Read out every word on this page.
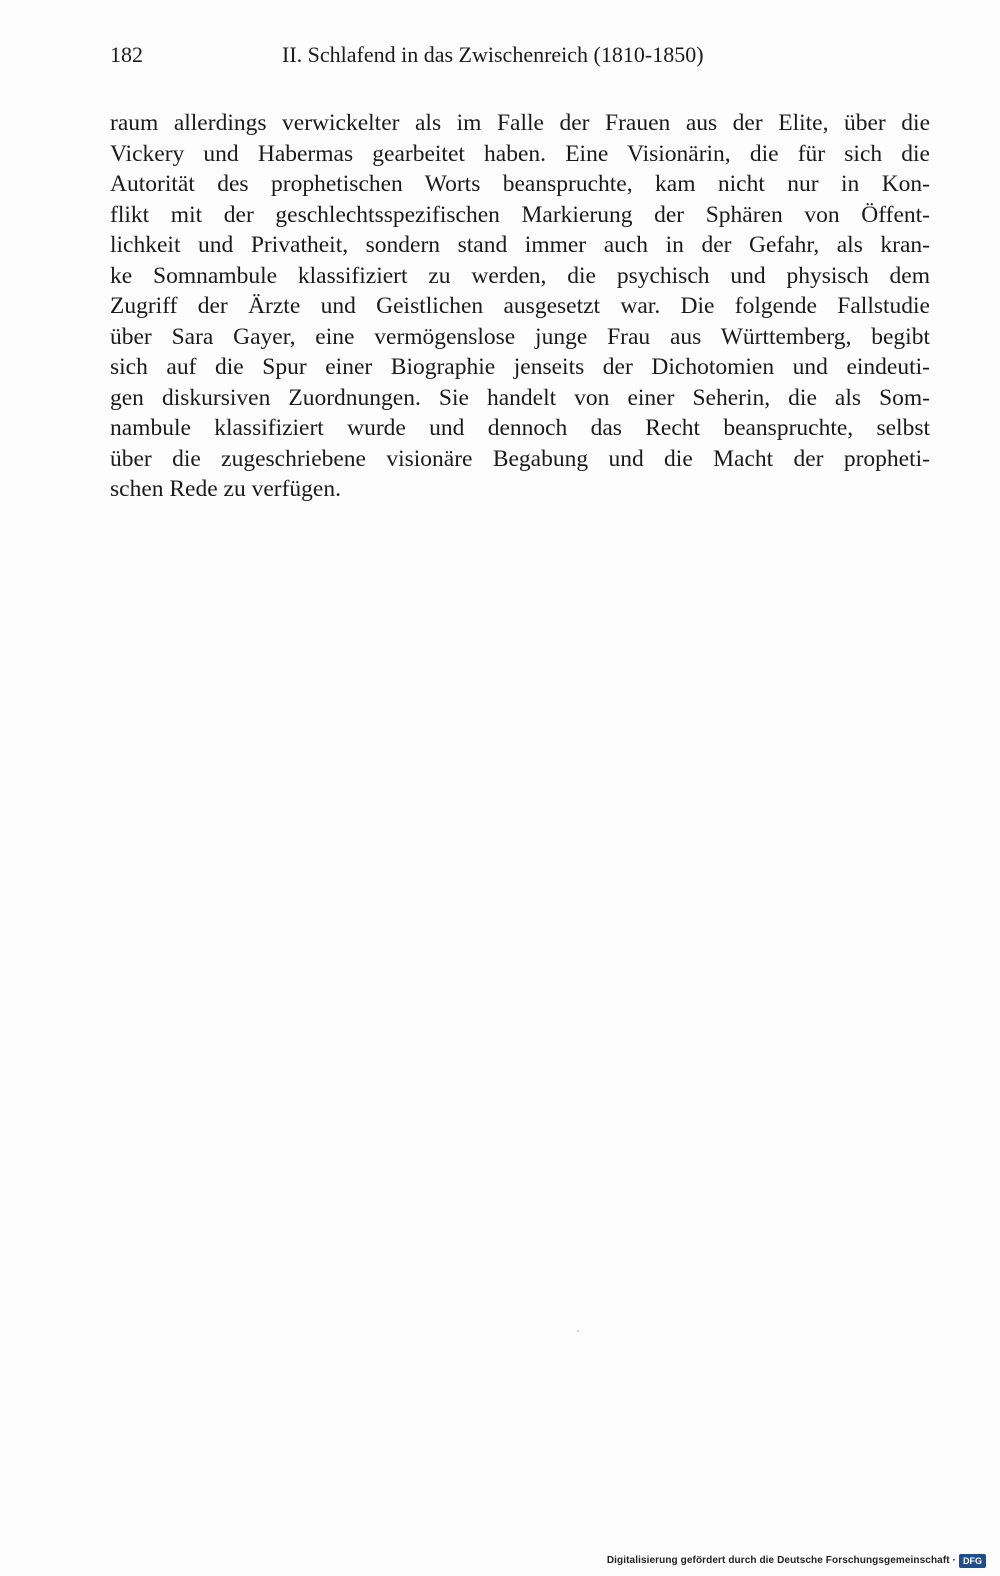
182	II. Schlafend in das Zwischenreich (1810-1850)
raum allerdings verwickelter als im Falle der Frauen aus der Elite, über die
Vickery und Habermas gearbeitet haben. Eine Visionärin, die für sich die
Autorität des prophetischen Worts beanspruchte, kam nicht nur in Kon-
flikt mit der geschlechtsspezifischen Markierung der Sphären von Öffent-
lichkeit und Privatheit, sondern stand immer auch in der Gefahr, als kran-
ke Somnambule klassifiziert zu werden, die psychisch und physisch dem
Zugriff der Ärzte und Geistlichen ausgesetzt war. Die folgende Fallstudie
über Sara Gayer, eine vermögenslose junge Frau aus Württemberg, begibt
sich auf die Spur einer Biographie jenseits der Dichotomien und eindeuti-
gen diskursiven Zuordnungen. Sie handelt von einer Seherin, die als Som-
nambule klassifiziert wurde und dennoch das Recht beanspruchte, selbst
über die zugeschriebene visionäre Begabung und die Macht der propheti-
schen Rede zu verfügen.
Digitalisierung gefördert durch die Deutsche Forschungsgemeinschaft · DFG
